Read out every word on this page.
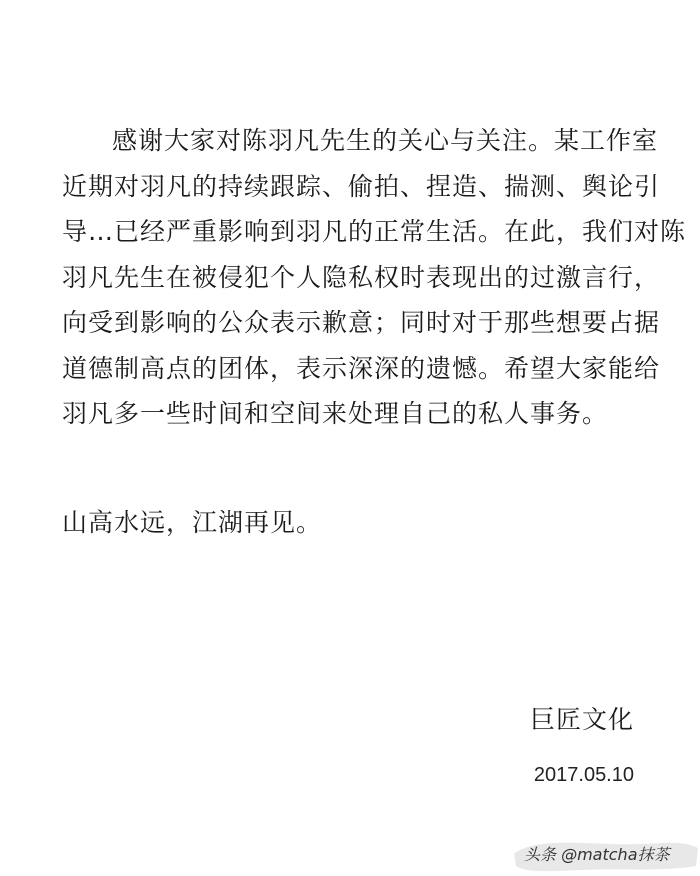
感谢大家对陈羽凡先生的关心与关注。某工作室
近期对羽凡的持续跟踪、偷拍、捏造、揣测、舆论引
导…已经严重影响到羽凡的正常生活。在此，我们对陈
羽凡先生在被侵犯个人隐私权时表现出的过激言行，
向受到影响的公众表示歉意；同时对于那些想要占据
道德制高点的团体，表示深深的遗憾。希望大家能给
羽凡多一些时间和空间来处理自己的私人事务。
山高水远，江湖再见。
巨匠文化
2017.05.10
头条 @matcha抹茶
